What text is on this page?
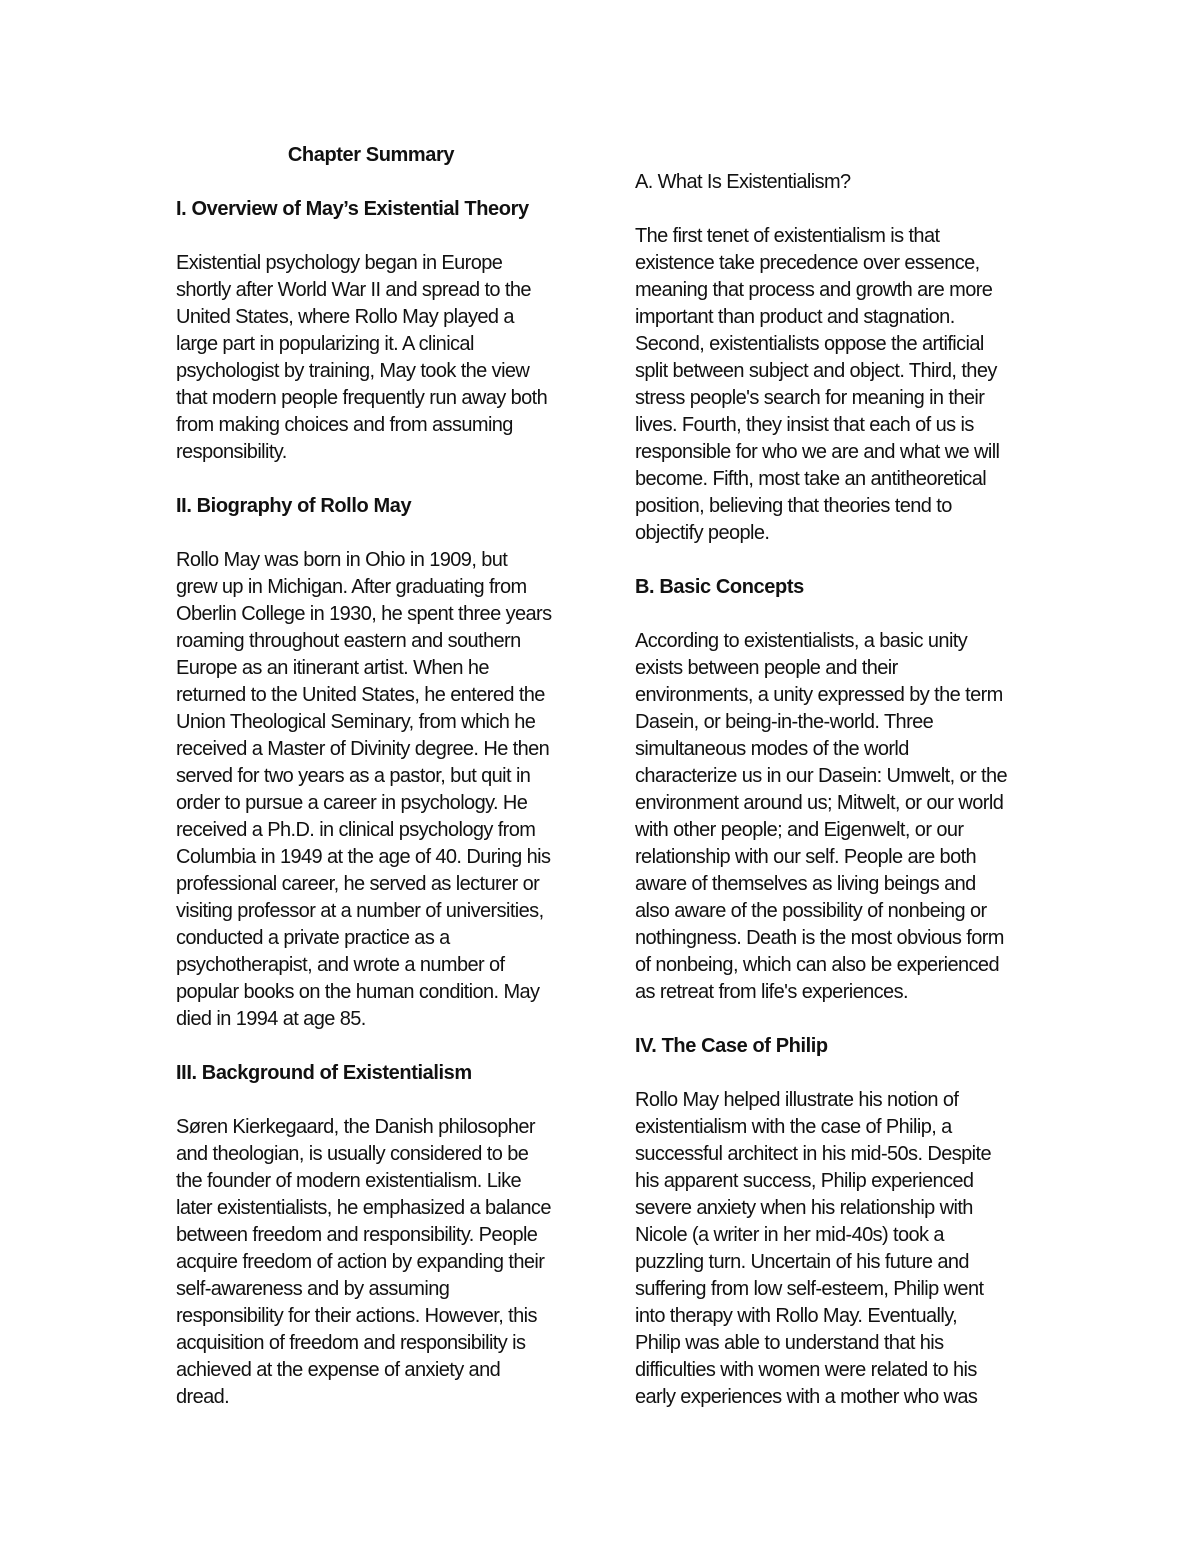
Chapter Summary
I. Overview of May’s Existential Theory
Existential psychology began in Europe
shortly after World War II and spread to the
United States, where Rollo May played a
large part in popularizing it. A clinical
psychologist by training, May took the view
that modern people frequently run away both
from making choices and from assuming
responsibility.
II. Biography of Rollo May
Rollo May was born in Ohio in 1909, but
grew up in Michigan. After graduating from
Oberlin College in 1930, he spent three years
roaming throughout eastern and southern
Europe as an itinerant artist. When he
returned to the United States, he entered the
Union Theological Seminary, from which he
received a Master of Divinity degree. He then
served for two years as a pastor, but quit in
order to pursue a career in psychology. He
received a Ph.D. in clinical psychology from
Columbia in 1949 at the age of 40. During his
professional career, he served as lecturer or
visiting professor at a number of universities,
conducted a private practice as a
psychotherapist, and wrote a number of
popular books on the human condition. May
died in 1994 at age 85.
III. Background of Existentialism
Søren Kierkegaard, the Danish philosopher
and theologian, is usually considered to be
the founder of modern existentialism. Like
later existentialists, he emphasized a balance
between freedom and responsibility. People
acquire freedom of action by expanding their
self-awareness and by assuming
responsibility for their actions. However, this
acquisition of freedom and responsibility is
achieved at the expense of anxiety and
dread.
A. What Is Existentialism?
The first tenet of existentialism is that
existence take precedence over essence,
meaning that process and growth are more
important than product and stagnation.
Second, existentialists oppose the artificial
split between subject and object. Third, they
stress people's search for meaning in their
lives. Fourth, they insist that each of us is
responsible for who we are and what we will
become. Fifth, most take an antitheoretical
position, believing that theories tend to
objectify people.
B. Basic Concepts
According to existentialists, a basic unity
exists between people and their
environments, a unity expressed by the term
Dasein, or being-in-the-world. Three
simultaneous modes of the world
characterize us in our Dasein: Umwelt, or the
environment around us; Mitwelt, or our world
with other people; and Eigenwelt, or our
relationship with our self. People are both
aware of themselves as living beings and
also aware of the possibility of nonbeing or
nothingness. Death is the most obvious form
of nonbeing, which can also be experienced
as retreat from life's experiences.
IV. The Case of Philip
Rollo May helped illustrate his notion of
existentialism with the case of Philip, a
successful architect in his mid-50s. Despite
his apparent success, Philip experienced
severe anxiety when his relationship with
Nicole (a writer in her mid-40s) took a
puzzling turn. Uncertain of his future and
suffering from low self-esteem, Philip went
into therapy with Rollo May. Eventually,
Philip was able to understand that his
difficulties with women were related to his
early experiences with a mother who was
